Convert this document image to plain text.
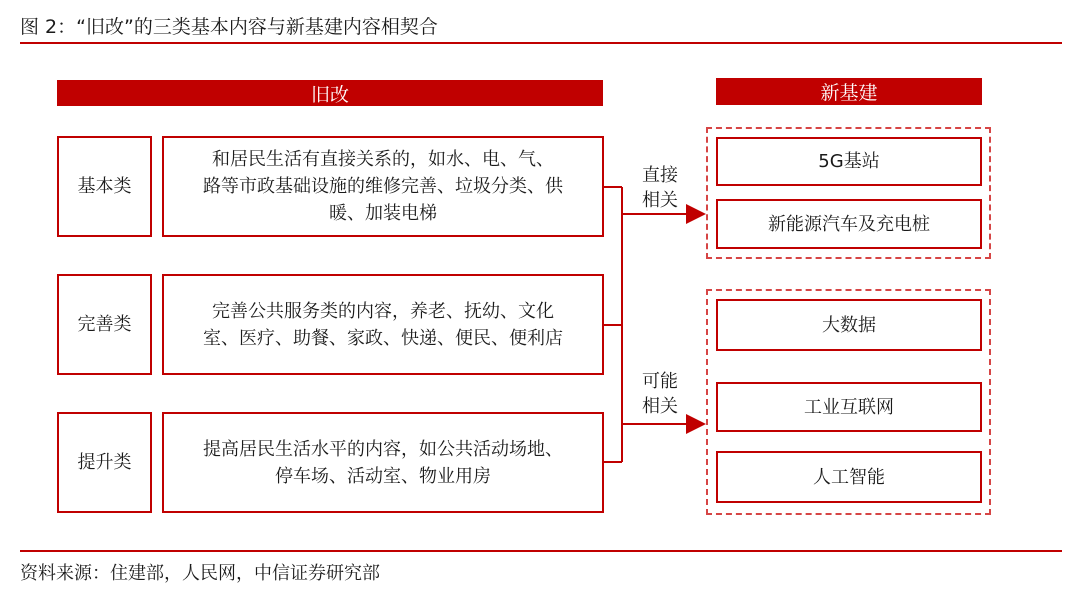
图 2：“旧改”的三类基本内容与新基建内容相契合
旧改	新基建
基本类
完善类
提升类
和居民生活有直接关系的，如水、电、气、
路等市政基础设施的维修完善、垃圾分类、供
暖、加装电梯
完善公共服务类的内容，养老、抚幼、文化
室、医疗、助餐、家政、快递、便民、便利店
提高居民生活水平的内容，如公共活动场地、
停车场、活动室、物业用房
直接
相关
可能
相关
5G基站
新能源汽车及充电桩
大数据
工业互联网
人工智能
资料来源：住建部，人民网，中信证券研究部
